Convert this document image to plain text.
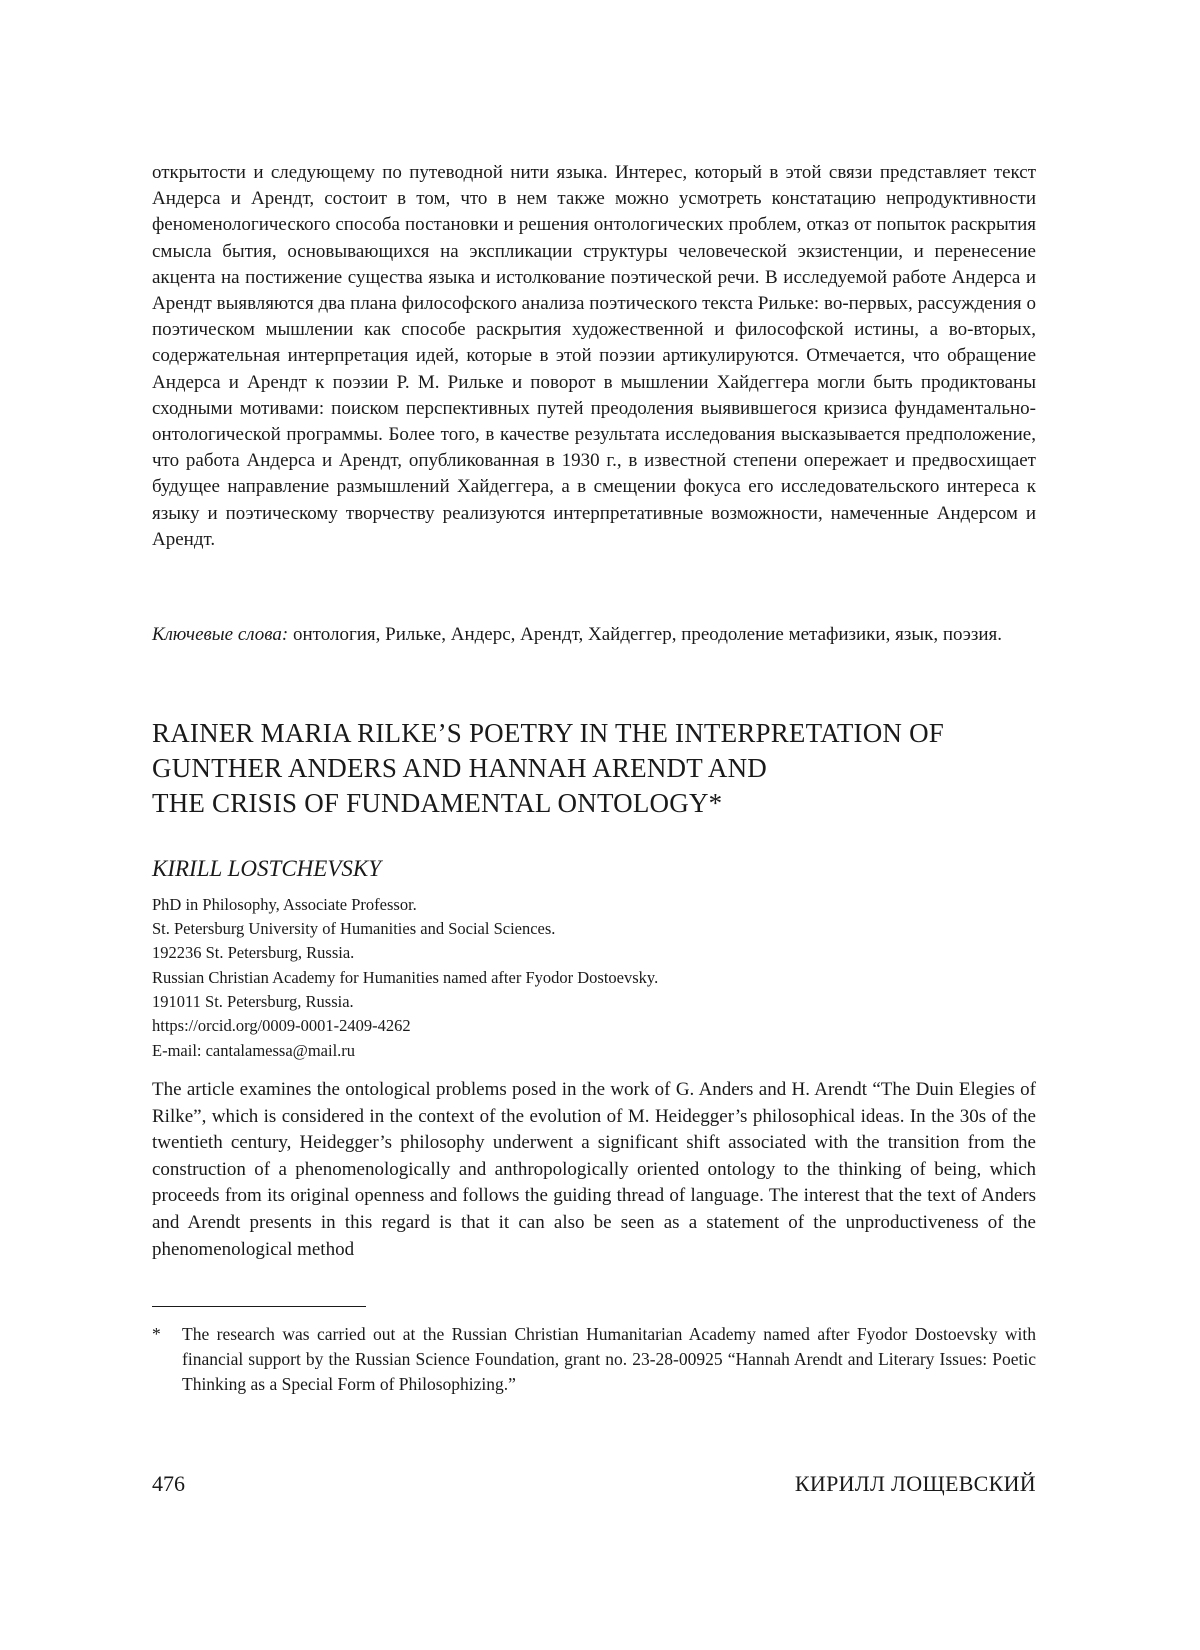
открытости и следующему по путеводной нити языка. Интерес, который в этой связи представляет текст Андерса и Арендт, состоит в том, что в нем также можно усмотреть констатацию непродуктивности феноменологического способа постановки и решения онтологических проблем, отказ от попыток раскрытия смысла бытия, основывающихся на экспликации структуры человеческой экзистенции, и перенесение акцента на постижение существа языка и истолкование поэтической речи. В исследуемой работе Андерса и Арендт выявляются два плана философского анализа поэтического текста Рильке: во-первых, рассуждения о поэтическом мышлении как способе раскрытия художественной и философской истины, а во-вторых, содержательная интерпретация идей, которые в этой поэзии артикулируются. Отмечается, что обращение Андерса и Арендт к поэзии Р. М. Рильке и поворот в мышлении Хайдеггера могли быть продиктованы сходными мотивами: поиском перспективных путей преодоления выявившегося кризиса фундаментально-онтологической программы. Более того, в качестве результата исследования высказывается предположение, что работа Андерса и Арендт, опубликованная в 1930 г., в известной степени опережает и предвосхищает будущее направление размышлений Хайдеггера, а в смещении фокуса его исследовательского интереса к языку и поэтическому творчеству реализуются интерпретативные возможности, намеченные Андерсом и Арендт.

Ключевые слова: онтология, Рильке, Андерс, Арендт, Хайдеггер, преодоление метафизики, язык, поэзия.

RAINER MARIA RILKE’S POETRY IN THE INTERPRETATION OF
GUNTHER ANDERS AND HANNAH ARENDT AND
THE CRISIS OF FUNDAMENTAL ONTOLOGY*

KIRILL LOSTCHEVSKY

PhD in Philosophy, Associate Professor.
St. Petersburg University of Humanities and Social Sciences.
192236 St. Petersburg, Russia.
Russian Christian Academy for Humanities named after Fyodor Dostoevsky.
191011 St. Petersburg, Russia.
https://orcid.org/0009-0001-2409-4262
E-mail: cantalamessa@mail.ru

The article examines the ontological problems posed in the work of G. Anders and H. Arendt “The Duin Elegies of Rilke”, which is considered in the context of the evolution of M. Heidegger’s philosophical ideas. In the 30s of the twentieth century, Heidegger’s philosophy underwent a significant shift associated with the transition from the construction of a phenomenologically and anthropologically oriented ontology to the thinking of being, which proceeds from its original openness and follows the guiding thread of language. The interest that the text of Anders and Arendt presents in this regard is that it can also be seen as a statement of the unproductiveness of the phenomenological method

* The research was carried out at the Russian Christian Humanitarian Academy named after Fyodor Dostoevsky with financial support by the Russian Science Foundation, grant no. 23-28-00925 “Hannah Arendt and Literary Issues: Poetic Thinking as a Special Form of Philosophizing.”

476	КИРИЛЛ ЛОЩЕВСКИЙ
